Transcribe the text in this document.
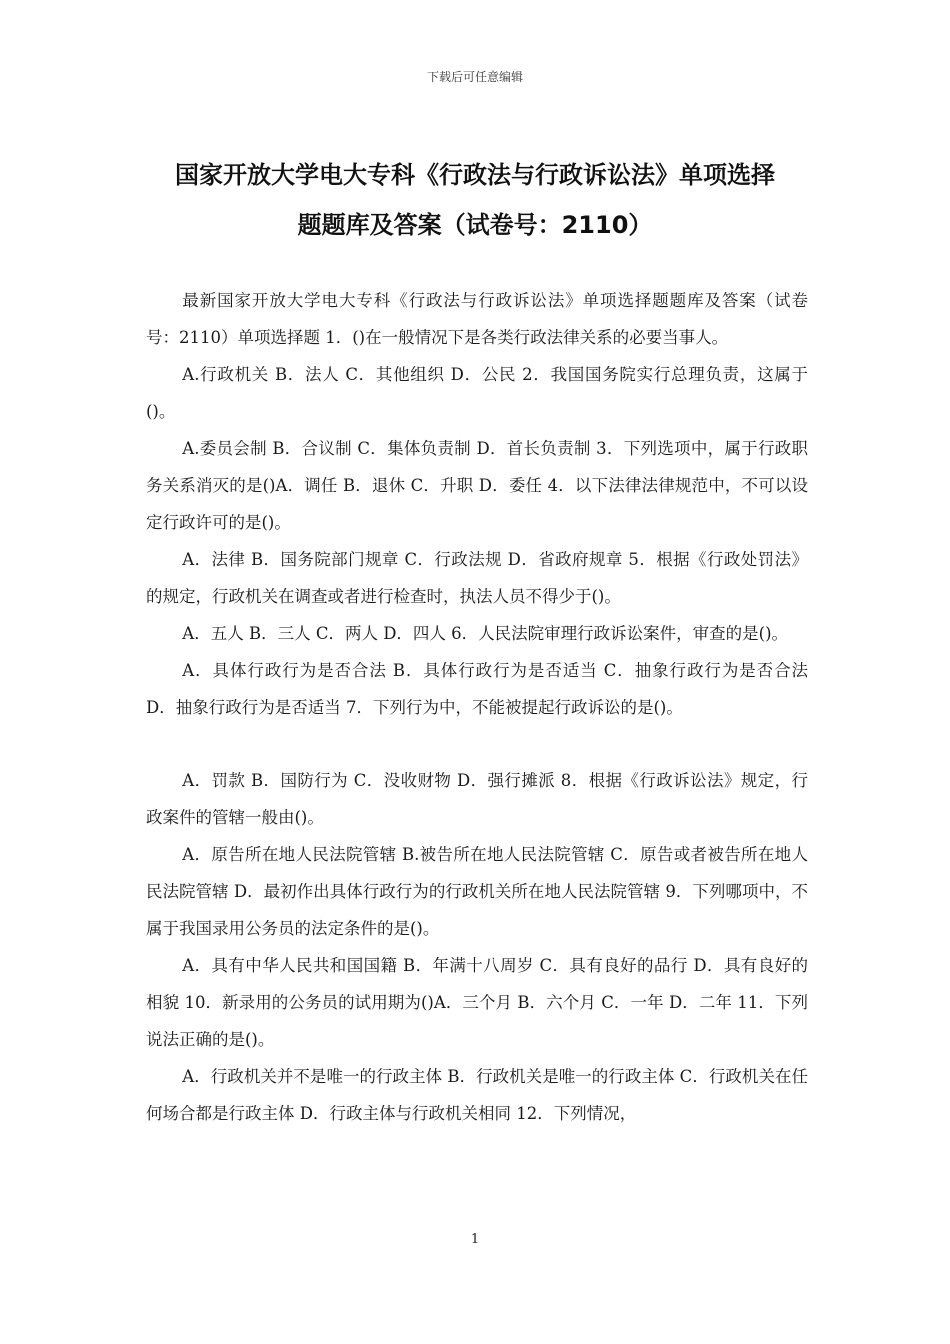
下载后可任意编辑
国家开放大学电大专科《行政法与行政诉讼法》单项选择
题题库及答案（试卷号：2110）

最新国家开放大学电大专科《行政法与行政诉讼法》单项选择题题库及答案（试卷号：2110）单项选择题 1．()在一般情况下是各类行政法律关系的必要当事人。

A.行政机关 B．法人 C．其他组织 D．公民 2．我国国务院实行总理负责，这属于()。

A.委员会制 B．合议制 C．集体负责制 D．首长负责制 3．下列选项中，属于行政职务关系消灭的是()A．调任 B．退休 C．升职 D．委任 4．以下法律法律规范中，不可以设定行政许可的是()。

A．法律 B．国务院部门规章 C．行政法规 D．省政府规章 5．根据《行政处罚法》的规定，行政机关在调查或者进行检查时，执法人员不得少于()。

A．五人 B．三人 C．两人 D．四人 6．人民法院审理行政诉讼案件，审查的是()。

A．具体行政行为是否合法 B．具体行政行为是否适当 C．抽象行政行为是否合法 D．抽象行政行为是否适当 7．下列行为中，不能被提起行政诉讼的是()。

A．罚款 B．国防行为 C．没收财物 D．强行摊派 8．根据《行政诉讼法》规定，行政案件的管辖一般由()。

A．原告所在地人民法院管辖 B.被告所在地人民法院管辖 C．原告或者被告所在地人民法院管辖 D．最初作出具体行政行为的行政机关所在地人民法院管辖 9．下列哪项中，不属于我国录用公务员的法定条件的是()。

A．具有中华人民共和国国籍 B．年满十八周岁 C．具有良好的品行 D．具有良好的相貌 10．新录用的公务员的试用期为()A．三个月 B．六个月 C．一年 D．二年 11．下列说法正确的是()。

A．行政机关并不是唯一的行政主体 B．行政机关是唯一的行政主体 C．行政机关在任何场合都是行政主体 D．行政主体与行政机关相同 12．下列情况，

1
